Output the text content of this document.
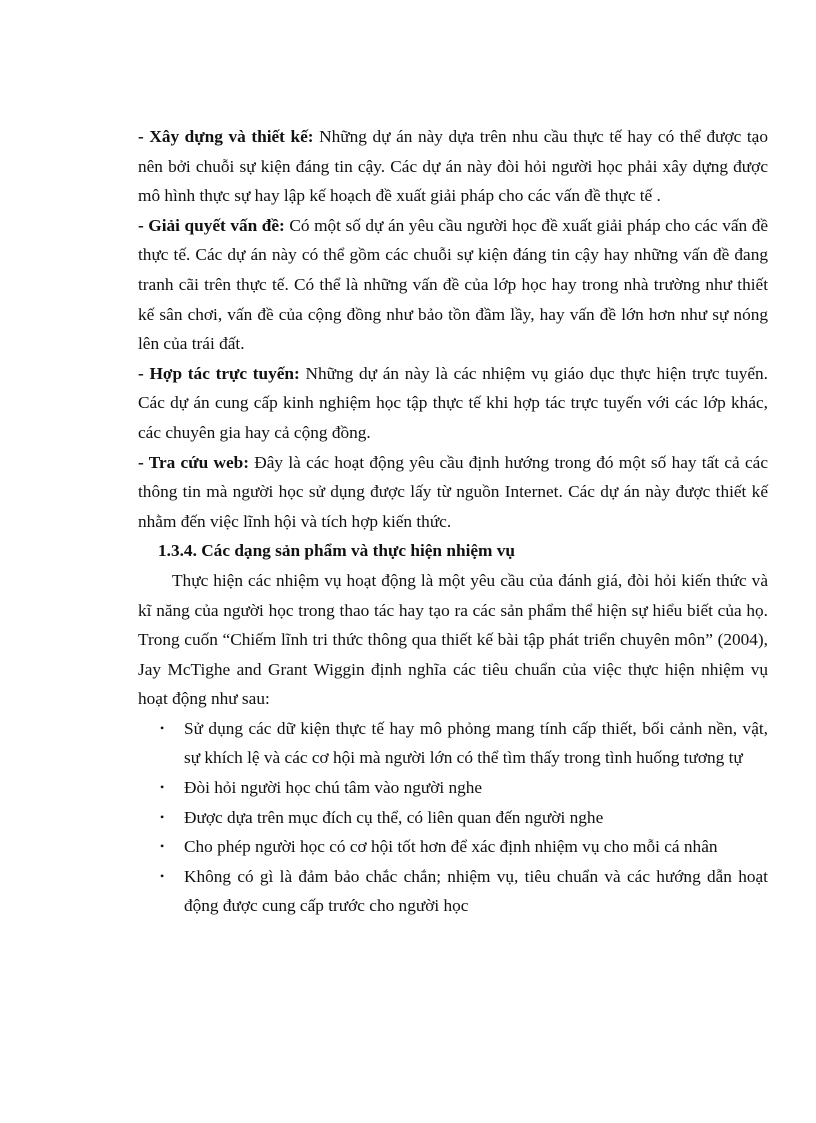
- Xây dựng và thiết kế: Những dự án này dựa trên nhu cầu thực tế hay có thể được tạo nên bởi chuỗi sự kiện đáng tin cậy. Các dự án này đòi hỏi người học phải xây dựng được mô hình thực sự hay lập kế hoạch đề xuất giải pháp cho các vấn đề thực tế .

- Giải quyết vấn đề: Có một số dự án yêu cầu người học đề xuất giải pháp cho các vấn đề thực tế. Các dự án này có thể gồm các chuỗi sự kiện đáng tin cậy hay những vấn đề đang tranh cãi trên thực tế. Có thể là những vấn đề của lớp học hay trong nhà trường như thiết kế sân chơi, vấn đề của cộng đồng như bảo tồn đầm lầy, hay vấn đề lớn hơn như sự nóng lên của trái đất.

- Hợp tác trực tuyến: Những dự án này là các nhiệm vụ giáo dục thực hiện trực tuyến. Các dự án cung cấp kinh nghiệm học tập thực tế khi hợp tác trực tuyến với các lớp khác, các chuyên gia hay cả cộng đồng.

- Tra cứu web: Đây là các hoạt động yêu cầu định hướng trong đó một số hay tất cả các thông tin mà người học sử dụng được lấy từ nguồn Internet. Các dự án này được thiết kế nhằm đến việc lĩnh hội và tích hợp kiến thức.

1.3.4. Các dạng sản phẩm và thực hiện nhiệm vụ

Thực hiện các nhiệm vụ hoạt động là một yêu cầu của đánh giá, đòi hỏi kiến thức và kĩ năng của người học trong thao tác hay tạo ra các sản phẩm thể hiện sự hiểu biết của họ. Trong cuốn “Chiếm lĩnh tri thức thông qua thiết kế bài tập phát triển chuyên môn” (2004), Jay McTighe and Grant Wiggin định nghĩa các tiêu chuẩn của việc thực hiện nhiệm vụ hoạt động như sau:

• Sử dụng các dữ kiện thực tế hay mô phỏng mang tính cấp thiết, bối cảnh nền, vật, sự khích lệ và các cơ hội mà người lớn có thể tìm thấy trong tình huống tương tự
• Đòi hỏi người học chú tâm vào người nghe
• Được dựa trên mục đích cụ thể, có liên quan đến người nghe
• Cho phép người học có cơ hội tốt hơn để xác định nhiệm vụ cho mỗi cá nhân
• Không có gì là đảm bảo chắc chắn; nhiệm vụ, tiêu chuẩn và các hướng dẫn hoạt động được cung cấp trước cho người học
